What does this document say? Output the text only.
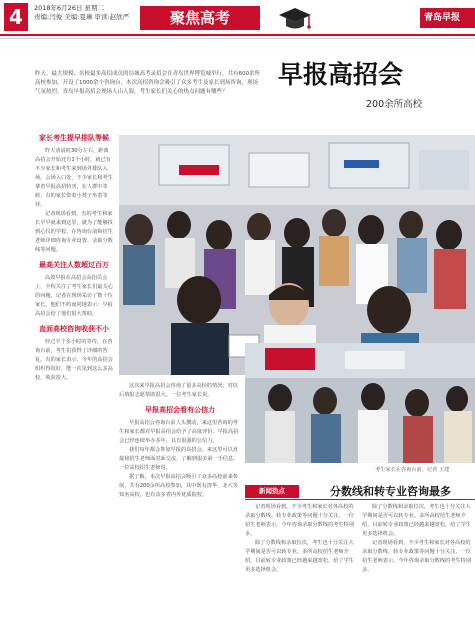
4	2018年6月26日 星期二
责编:闫俊 美编:夏琳 审读:赵欣严	聚焦高考	青岛早报
昨天，最大规模、名校最多高招成员的岛城高考录招会在青岛世界博览城举行，共有600余所高校参加，开设了1000余个咨询台，本次高招咨询会吸引了众多考生及家长到场咨询，现场气氛热烈。青岛早报高招会现场人山人海，考生家长们关心的热点问题有哪些？
早报高招会
200余所高校
考生家长在咨询台前。记者 王建
家长考生提早排队等候

昨天清晨时30分左右，距离高招会开始还有1个小时，就已有不少家长和考生来到场外排队入场。会场入口处，不少家长和考生拿着早报高招特刊，在人群中等候，有的家长带着小凳子坐着等待。

记者现场看到，有的考生和家长早早就来到这里，就为了能够找到心仪的学校，在咨询台前和招生老师详细咨询专业设置、录取分数线等问题。

最高关注人数超过百万

高效早报在高招会高招员会上，全程关注了考生家长们最关心的问题。记者在现场采访了数十位家长，他们不约而同地表示：早报高招会给了他们很大帮助。

直面高校咨询收获不小

经过半个多小时的等待，在咨询台前，考生们获得了详细的答复。有的家长表示，今年的高招会组织得很好，能一次见到这么多高校，收获很大。

这次来早报高招会咨询了很多高校的情况，对以后填报志愿帮助很大。一位考生家长说。

早报高招会看有公信力

早报高招会咨询台前人头攒动，来这里咨询的考生和家长都对早报高招会给予了高度评价。早报高招会已经连续举办多年，具有很强的公信力。

我们每年都会参加早报的高招会，来这里可以直接和招生老师面对面交流，了解到很多第一手信息。一位高校招生老师说。

据了解，本次早报高招会吸引了众多高校前来参展，共有200余所高校参加，其中既有清华、北大等知名高校，也有众多省内外优质院校。	新闻热点	分数线和转专业咨询最多

记者现场看到，不少考生和家长对各高校的录取分数线、转专业政策等问题十分关注。一位招生老师表示，今年咨询录取分数线的考生特别多。

除了分数线和录取位次，考生也十分关注大学期间是否可以转专业。多所高校招生老师介绍，目前转专业政策已经越来越宽松，给了学生更多选择机会。

除了分数线和录取位次，考生也十分关注大学期间是否可以转专业。多所高校招生老师介绍，目前转专业政策已经越来越宽松，给了学生更多选择机会。

记者现场看到，不少考生和家长对各高校的录取分数线、转专业政策等问题十分关注。一位招生老师表示，今年咨询录取分数线的考生特别多。
